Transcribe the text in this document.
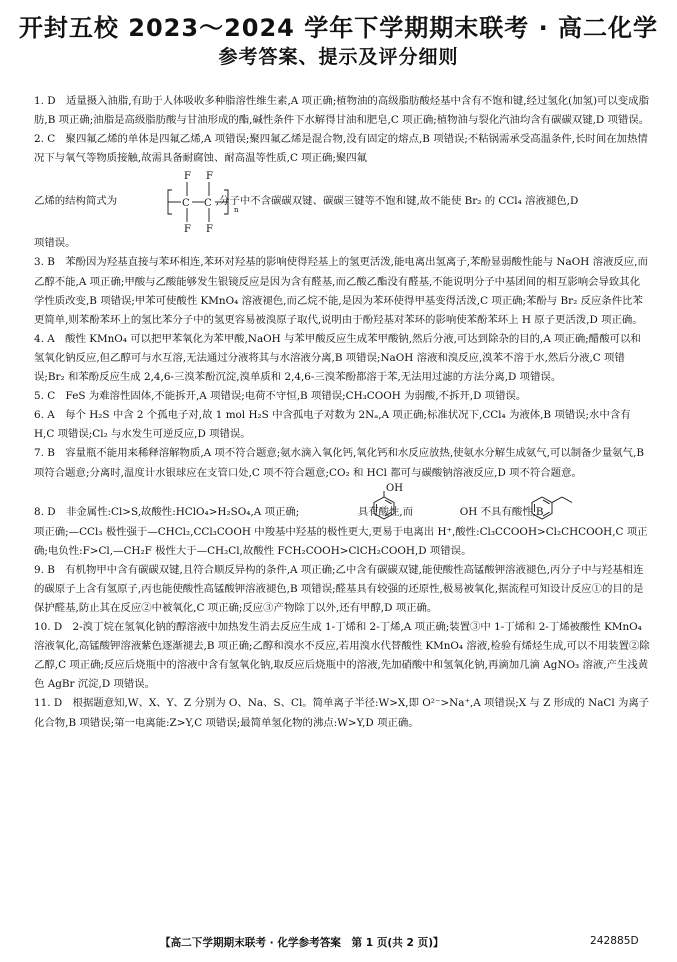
开封五校 2023～2024 学年下学期期末联考 · 高二化学
参考答案、提示及评分细则

1. D　适量摄入油脂,有助于人体吸收多种脂溶性维生素,A 项正确;植物油的高级脂肪酸烃基中含有不饱和键,经过氢化(加氢)可以变成脂肪,B 项正确;油脂是高级脂肪酸与甘油形成的酯,碱性条件下水解得甘油和肥皂,C 项正确;植物油与裂化汽油均含有碳碳双键,D 项错误。

2. C　聚四氟乙烯的单体是四氟乙烯,A 项错误;聚四氟乙烯是混合物,没有固定的熔点,B 项错误;不粘锅需承受高温条件,长时间在加热情况下与氧气等物质接触,故需具备耐腐蚀、耐高温等性质,C 项正确;聚四氟

乙烯的结构简式为	,分子中不含碳碳双键、碳碳三键等不饱和键,故不能使 Br₂ 的 CCl₄ 溶液褪色,D
F F
F F
C C
n

项错误。

3. B　苯酚因为羟基直接与苯环相连,苯环对羟基的影响使得羟基上的氢更活泼,能电离出氢离子,苯酚显弱酸性能与 NaOH 溶液反应,而乙醇不能,A 项正确;甲酸与乙酸能够发生银镜反应是因为含有醛基,而乙酸乙酯没有醛基,不能说明分子中基团间的相互影响会导致其化学性质改变,B 项错误;甲苯可使酸性 KMnO₄ 溶液褪色,而乙烷不能,是因为苯环使得甲基变得活泼,C 项正确;苯酚与 Br₂ 反应条件比苯更简单,则苯酚苯环上的氢比苯分子中的氢更容易被溴原子取代,说明由于酚羟基对苯环的影响使苯酚苯环上 H 原子更活泼,D 项正确。

4. A　酸性 KMnO₄ 可以把甲苯氧化为苯甲酸,NaOH 与苯甲酸反应生成苯甲酸钠,然后分液,可达到除杂的目的,A 项正确;醋酸可以和氢氧化钠反应,但乙醇可与水互溶,无法通过分液将其与水溶液分离,B 项错误;NaOH 溶液和溴反应,溴苯不溶于水,然后分液,C 项错误;Br₂ 和苯酚反应生成 2,4,6-三溴苯酚沉淀,溴单质和 2,4,6-三溴苯酚都溶于苯,无法用过滤的方法分离,D 项错误。

5. C　FeS 为难溶性固体,不能拆开,A 项错误;电荷不守恒,B 项错误;CH₃COOH 为弱酸,不拆开,D 项错误。

6. A　每个 H₂S 中含 2 个孤电子对,故 1 mol H₂S 中含孤电子对数为 2Nₐ,A 项正确;标准状况下,CCl₄ 为液体,B 项错误;水中含有 H,C 项错误;Cl₂ 与水发生可逆反应,D 项错误。

7. B　容量瓶不能用来稀释溶解物质,A 项不符合题意;氨水滴入氧化钙,氧化钙和水反应放热,使氨水分解生成氨气,可以制备少量氨气,B 项符合题意;分离时,温度计水银球应在支管口处,C 项不符合题意;CO₂ 和 HCl 都可与碳酸钠溶液反应,D 项不符合题意。

8. D　非金属性:Cl>S,故酸性:HClO₄>H₂SO₄,A 项正确;	具有酸性,而	OH 不具有酸性,B
OH

项正确;—CCl₃ 极性强于—CHCl₂,CCl₃COOH 中羧基中羟基的极性更大,更易于电离出 H⁺,酸性:Cl₃CCOOH>Cl₂CHCOOH,C 项正确;电负性:F>Cl,—CH₂F 极性大于—CH₂Cl,故酸性 FCH₂COOH>ClCH₂COOH,D 项错误。

9. B　有机物甲中含有碳碳双键,且符合顺反异构的条件,A 项正确;乙中含有碳碳双键,能使酸性高锰酸钾溶液褪色,丙分子中与羟基相连的碳原子上含有氢原子,丙也能使酸性高锰酸钾溶液褪色,B 项错误;醛基具有较强的还原性,极易被氧化,据流程可知设计反应①的目的是保护醛基,防止其在反应②中被氧化,C 项正确;反应③产物除丁以外,还有甲醇,D 项正确。

10. D　2-溴丁烷在氢氧化钠的醇溶液中加热发生消去反应生成 1-丁烯和 2-丁烯,A 项正确;装置③中 1-丁烯和 2-丁烯被酸性 KMnO₄ 溶液氧化,高锰酸钾溶液紫色逐渐褪去,B 项正确;乙醇和溴水不反应,若用溴水代替酸性 KMnO₄ 溶液,检验有烯烃生成,可以不用装置②除乙醇,C 项正确;反应后烧瓶中的溶液中含有氢氧化钠,取反应后烧瓶中的溶液,先加硝酸中和氢氧化钠,再滴加几滴 AgNO₃ 溶液,产生浅黄色 AgBr 沉淀,D 项错误。

11. D　根据题意知,W、X、Y、Z 分别为 O、Na、S、Cl。简单离子半径:W>X,即 O²⁻>Na⁺,A 项错误;X 与 Z 形成的 NaCl 为离子化合物,B 项错误;第一电离能:Z>Y,C 项错误;最简单氢化物的沸点:W>Y,D 项正确。

【高二下学期期末联考 · 化学参考答案　第 1 页(共 2 页)】	242885D
